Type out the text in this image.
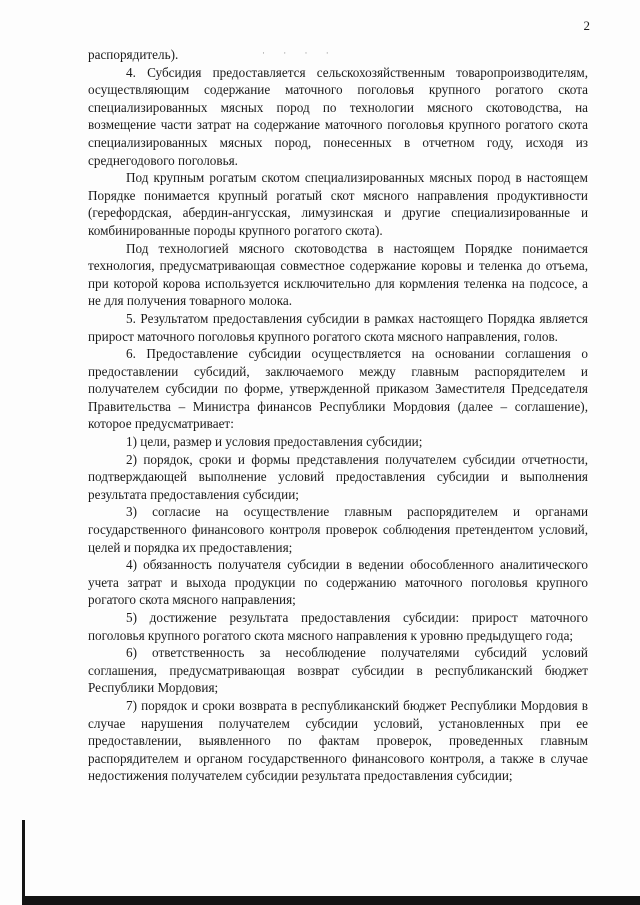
2
· · · ·

распорядитель).

4. Субсидия предоставляется сельскохозяйственным товаропроизводителям, осуществляющим содержание маточного поголовья крупного рогатого скота специализированных мясных пород по технологии мясного скотоводства, на возмещение части затрат на содержание маточного поголовья крупного рогатого скота специализированных мясных пород, понесенных в отчетном году, исходя из среднегодового поголовья.

Под крупным рогатым скотом специализированных мясных пород в настоящем Порядке понимается крупный рогатый скот мясного направления продуктивности (герефордская, абердин-ангусская, лимузинская и другие специализированные и комбинированные породы крупного рогатого скота).

Под технологией мясного скотоводства в настоящем Порядке понимается технология, предусматривающая совместное содержание коровы и теленка до отъема, при которой корова используется исключительно для кормления теленка на подсосе, а не для получения товарного молока.

5. Результатом предоставления субсидии в рамках настоящего Порядка является прирост маточного поголовья крупного рогатого скота мясного направления, голов.

6. Предоставление субсидии осуществляется на основании соглашения о предоставлении субсидий, заключаемого между главным распорядителем и получателем субсидии по форме, утвержденной приказом Заместителя Председателя Правительства – Министра финансов Республики Мордовия (далее – соглашение), которое предусматривает:

1) цели, размер и условия предоставления субсидии;

2) порядок, сроки и формы представления получателем субсидии отчетности, подтверждающей выполнение условий предоставления субсидии и выполнения результата предоставления субсидии;

3) согласие на осуществление главным распорядителем и органами государственного финансового контроля проверок соблюдения претендентом условий, целей и порядка их предоставления;

4) обязанность получателя субсидии в ведении обособленного аналитического учета затрат и выхода продукции по содержанию маточного поголовья крупного рогатого скота мясного направления;

5) достижение результата предоставления субсидии: прирост маточного поголовья крупного рогатого скота мясного направления к уровню предыдущего года;

6) ответственность за несоблюдение получателями субсидий условий соглашения, предусматривающая возврат субсидии в республиканский бюджет Республики Мордовия;

7) порядок и сроки возврата в республиканский бюджет Республики Мордовия в случае нарушения получателем субсидии условий, установленных при ее предоставлении, выявленного по фактам проверок, проведенных главным распорядителем и органом государственного финансового контроля, а также в случае недостижения получателем субсидии результата предоставления субсидии;
